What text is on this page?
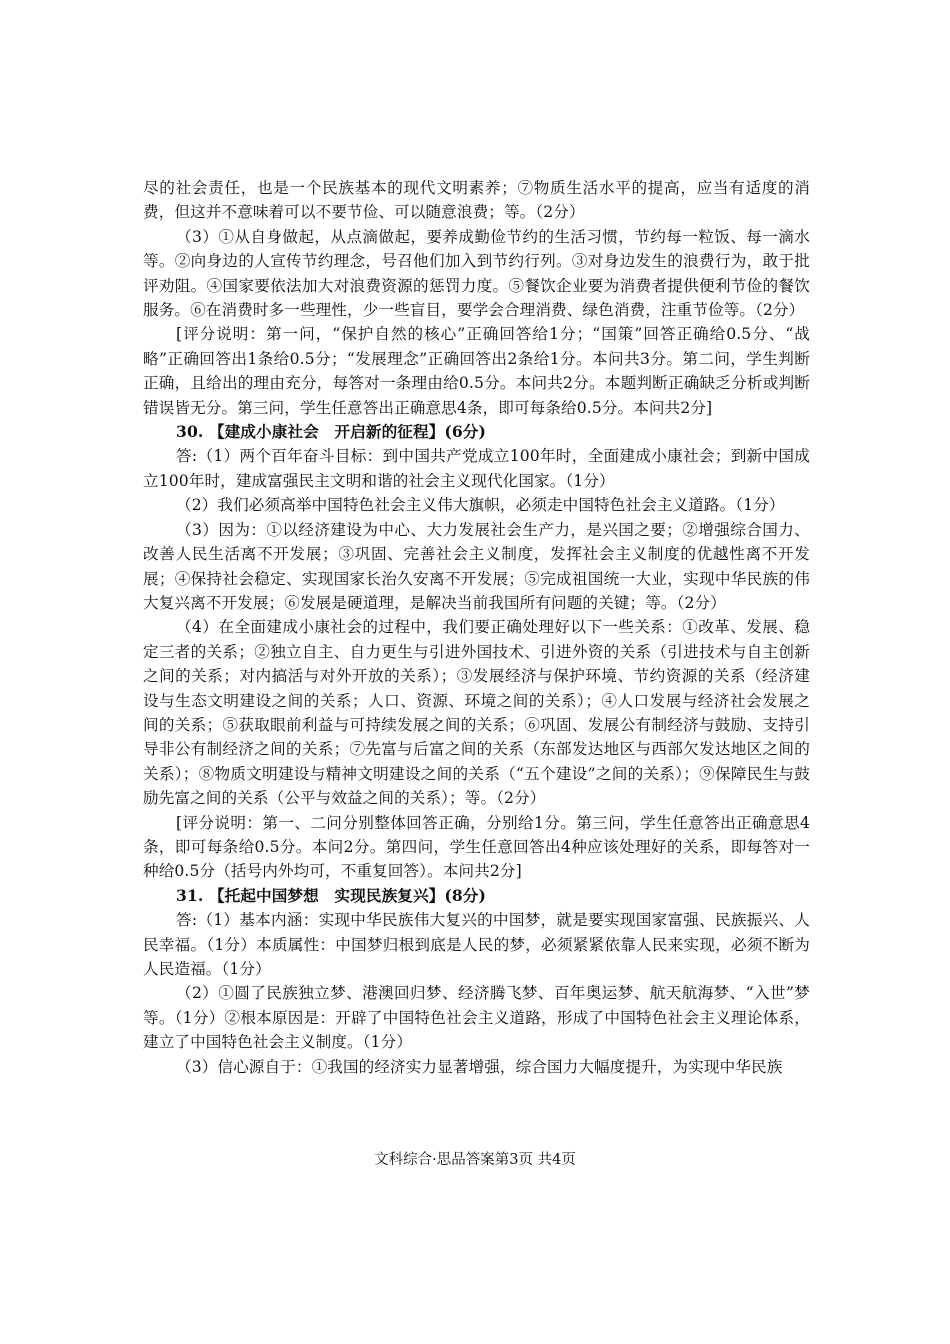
尽的社会责任，也是一个民族基本的现代文明素养；⑦物质生活水平的提高，应当有适度的消费，但这并不意味着可以不要节俭、可以随意浪费；等。（2分）

（3）①从自身做起，从点滴做起，要养成勤俭节约的生活习惯，节约每一粒饭、每一滴水等。②向身边的人宣传节约理念，号召他们加入到节约行列。③对身边发生的浪费行为，敢于批评劝阻。④国家要依法加大对浪费资源的惩罚力度。⑤餐饮企业要为消费者提供便利节俭的餐饮服务。⑥在消费时多一些理性，少一些盲目，要学会合理消费、绿色消费，注重节俭等。（2分）

[评分说明：第一问，“保护自然的核心”正确回答给1分；“国策”回答正确给0.5分、“战略”正确回答出1条给0.5分；“发展理念”正确回答出2条给1分。本问共3分。第二问，学生判断正确，且给出的理由充分，每答对一条理由给0.5分。本问共2分。本题判断正确缺乏分析或判断错误皆无分。第三问，学生任意答出正确意思4条，即可每条给0.5分。本问共2分]

30. 【建成小康社会　开启新的征程】(6分)

答:（1）两个百年奋斗目标：到中国共产党成立100年时，全面建成小康社会；到新中国成立100年时，建成富强民主文明和谐的社会主义现代化国家。（1分）

（2）我们必须高举中国特色社会主义伟大旗帜，必须走中国特色社会主义道路。（1分）

（3）因为：①以经济建设为中心、大力发展社会生产力，是兴国之要；②增强综合国力、改善人民生活离不开发展；③巩固、完善社会主义制度，发挥社会主义制度的优越性离不开发展；④保持社会稳定、实现国家长治久安离不开发展；⑤完成祖国统一大业，实现中华民族的伟大复兴离不开发展；⑥发展是硬道理，是解决当前我国所有问题的关键；等。（2分）

（4）在全面建成小康社会的过程中，我们要正确处理好以下一些关系：①改革、发展、稳定三者的关系；②独立自主、自力更生与引进外国技术、引进外资的关系（引进技术与自主创新之间的关系；对内搞活与对外开放的关系）；③发展经济与保护环境、节约资源的关系（经济建设与生态文明建设之间的关系；人口、资源、环境之间的关系）；④人口发展与经济社会发展之间的关系；⑤获取眼前利益与可持续发展之间的关系；⑥巩固、发展公有制经济与鼓励、支持引导非公有制经济之间的关系；⑦先富与后富之间的关系（东部发达地区与西部欠发达地区之间的关系）；⑧物质文明建设与精神文明建设之间的关系（“五个建设”之间的关系）；⑨保障民生与鼓励先富之间的关系（公平与效益之间的关系）；等。（2分）

[评分说明：第一、二问分别整体回答正确，分别给1分。第三问，学生任意答出正确意思4条，即可每条给0.5分。本问2分。第四问，学生任意回答出4种应该处理好的关系，即每答对一种给0.5分（括号内外均可，不重复回答）。本问共2分]

31. 【托起中国梦想　实现民族复兴】(8分)

答:（1）基本内涵：实现中华民族伟大复兴的中国梦，就是要实现国家富强、民族振兴、人民幸福。（1分）本质属性：中国梦归根到底是人民的梦，必须紧紧依靠人民来实现，必须不断为人民造福。（1分）

（2）①圆了民族独立梦、港澳回归梦、经济腾飞梦、百年奥运梦、航天航海梦、“入世”梦等。（1分）②根本原因是：开辟了中国特色社会主义道路，形成了中国特色社会主义理论体系，建立了中国特色社会主义制度。（1分）

（3）信心源自于：①我国的经济实力显著增强，综合国力大幅度提升，为实现中华民族

文科综合·思品答案第3页 共4页
